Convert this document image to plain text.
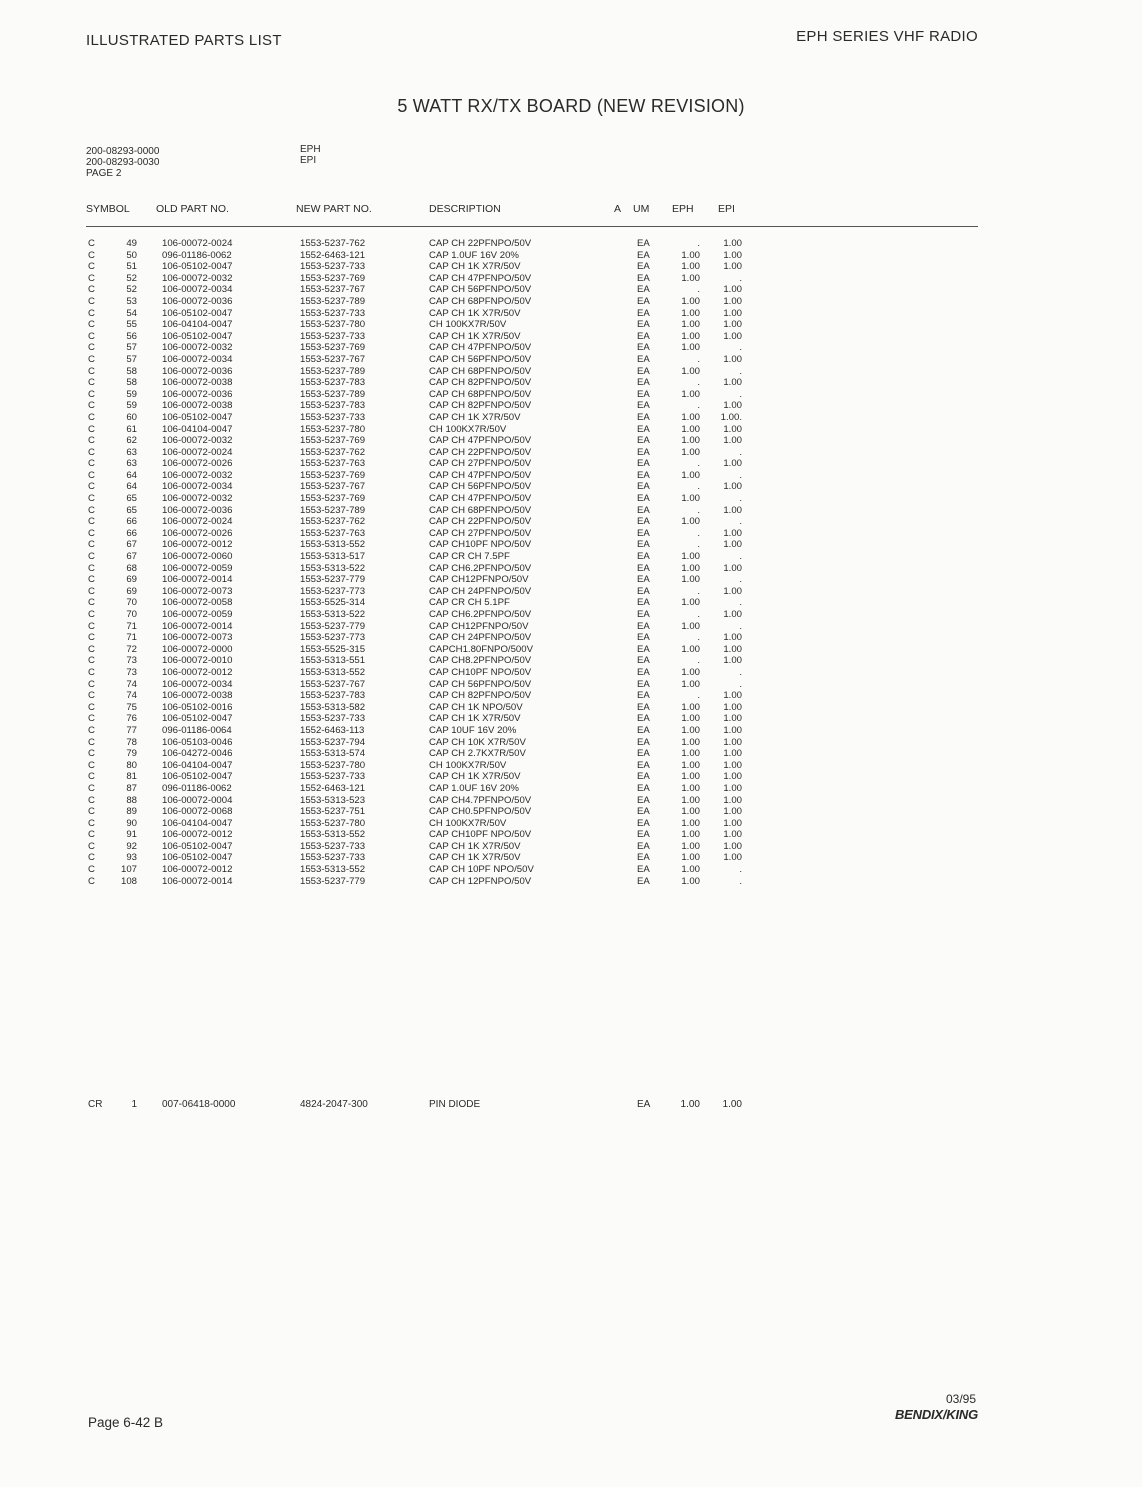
ILLUSTRATED PARTS LIST	EPH SERIES VHF RADIO
5 WATT RX/TX BOARD (NEW REVISION)
200-08293-0000
200-08293-0030
PAGE 2
EPH
EPI
SYMBOL OLD PART NO.	NEW PART NO.	DESCRIPTION	A UM EPH EPI
C	49	106-00072-0024	1553-5237-762	CAP CH 22PFNPO/50V	EA	.	1.00
C	50	096-01186-0062	1552-6463-121	CAP 1.0UF 16V 20%	EA	1.00	1.00
C	51	106-05102-0047	1553-5237-733	CAP CH 1K X7R/50V	EA	1.00	1.00
C	52	106-00072-0032	1553-5237-769	CAP CH 47PFNPO/50V	EA	1.00	.
C	52	106-00072-0034	1553-5237-767	CAP CH 56PFNPO/50V	EA	.	1.00
C	53	106-00072-0036	1553-5237-789	CAP CH 68PFNPO/50V	EA	1.00	1.00
C	54	106-05102-0047	1553-5237-733	CAP CH 1K X7R/50V	EA	1.00	1.00
C	55	106-04104-0047	1553-5237-780	CH 100KX7R/50V	EA	1.00	1.00
C	56	106-05102-0047	1553-5237-733	CAP CH 1K X7R/50V	EA	1.00	1.00
C	57	106-00072-0032	1553-5237-769	CAP CH 47PFNPO/50V	EA	1.00	.
C	57	106-00072-0034	1553-5237-767	CAP CH 56PFNPO/50V	EA	.	1.00
C	58	106-00072-0036	1553-5237-789	CAP CH 68PFNPO/50V	EA	1.00	.
C	58	106-00072-0038	1553-5237-783	CAP CH 82PFNPO/50V	EA	.	1.00
C	59	106-00072-0036	1553-5237-789	CAP CH 68PFNPO/50V	EA	1.00	.
C	59	106-00072-0038	1553-5237-783	CAP CH 82PFNPO/50V	EA	.	1.00
C	60	106-05102-0047	1553-5237-733	CAP CH 1K X7R/50V	EA	1.00	1.00.
C	61	106-04104-0047	1553-5237-780	CH 100KX7R/50V	EA	1.00	1.00
C	62	106-00072-0032	1553-5237-769	CAP CH 47PFNPO/50V	EA	1.00	1.00
C	63	106-00072-0024	1553-5237-762	CAP CH 22PFNPO/50V	EA	1.00	.
C	63	106-00072-0026	1553-5237-763	CAP CH 27PFNPO/50V	EA	.	1.00
C	64	106-00072-0032	1553-5237-769	CAP CH 47PFNPO/50V	EA	1.00	.
C	64	106-00072-0034	1553-5237-767	CAP CH 56PFNPO/50V	EA	.	1.00
C	65	106-00072-0032	1553-5237-769	CAP CH 47PFNPO/50V	EA	1.00	.
C	65	106-00072-0036	1553-5237-789	CAP CH 68PFNPO/50V	EA	.	1.00
C	66	106-00072-0024	1553-5237-762	CAP CH 22PFNPO/50V	EA	1.00	.
C	66	106-00072-0026	1553-5237-763	CAP CH 27PFNPO/50V	EA	.	1.00
C	67	106-00072-0012	1553-5313-552	CAP CH10PF NPO/50V	EA	.	1.00
C	67	106-00072-0060	1553-5313-517	CAP CR CH 7.5PF	EA	1.00	.
C	68	106-00072-0059	1553-5313-522	CAP CH6.2PFNPO/50V	EA	1.00	1.00
C	69	106-00072-0014	1553-5237-779	CAP CH12PFNPO/50V	EA	1.00	.
C	69	106-00072-0073	1553-5237-773	CAP CH 24PFNPO/50V	EA	.	1.00
C	70	106-00072-0058	1553-5525-314	CAP CR CH 5.1PF	EA	1.00	.
C	70	106-00072-0059	1553-5313-522	CAP CH6.2PFNPO/50V	EA	.	1.00
C	71	106-00072-0014	1553-5237-779	CAP CH12PFNPO/50V	EA	1.00	.
C	71	106-00072-0073	1553-5237-773	CAP CH 24PFNPO/50V	EA	.	1.00
C	72	106-00072-0000	1553-5525-315	CAPCH1.80FNPO/500V	EA	1.00	1.00
C	73	106-00072-0010	1553-5313-551	CAP CH8.2PFNPO/50V	EA	.	1.00
C	73	106-00072-0012	1553-5313-552	CAP CH10PF NPO/50V	EA	1.00	.
C	74	106-00072-0034	1553-5237-767	CAP CH 56PFNPO/50V	EA	1.00	.
C	74	106-00072-0038	1553-5237-783	CAP CH 82PFNPO/50V	EA	.	1.00
C	75	106-05102-0016	1553-5313-582	CAP CH 1K NPO/50V	EA	1.00	1.00
C	76	106-05102-0047	1553-5237-733	CAP CH 1K X7R/50V	EA	1.00	1.00
C	77	096-01186-0064	1552-6463-113	CAP 10UF 16V 20%	EA	1.00	1.00
C	78	106-05103-0046	1553-5237-794	CAP CH 10K X7R/50V	EA	1.00	1.00
C	79	106-04272-0046	1553-5313-574	CAP CH 2.7KX7R/50V	EA	1.00	1.00
C	80	106-04104-0047	1553-5237-780	CH 100KX7R/50V	EA	1.00	1.00
C	81	106-05102-0047	1553-5237-733	CAP CH 1K X7R/50V	EA	1.00	1.00
C	87	096-01186-0062	1552-6463-121	CAP 1.0UF 16V 20%	EA	1.00	1.00
C	88	106-00072-0004	1553-5313-523	CAP CH4.7PFNPO/50V	EA	1.00	1.00
C	89	106-00072-0068	1553-5237-751	CAP CH0.5PFNPO/50V	EA	1.00	1.00
C	90	106-04104-0047	1553-5237-780	CH 100KX7R/50V	EA	1.00	1.00
C	91	106-00072-0012	1553-5313-552	CAP CH10PF NPO/50V	EA	1.00	1.00
C	92	106-05102-0047	1553-5237-733	CAP CH 1K X7R/50V	EA	1.00	1.00
C	93	106-05102-0047	1553-5237-733	CAP CH 1K X7R/50V	EA	1.00	1.00
C	107	106-00072-0012	1553-5313-552	CAP CH 10PF NPO/50V	EA	1.00	.
C	108	106-00072-0014	1553-5237-779	CAP CH 12PFNPO/50V	EA	1.00	.
CR	1	007-06418-0000	4824-2047-300	PIN DIODE	EA	1.00	1.00
Page 6-42 B
03/95
BENDIX/KING
